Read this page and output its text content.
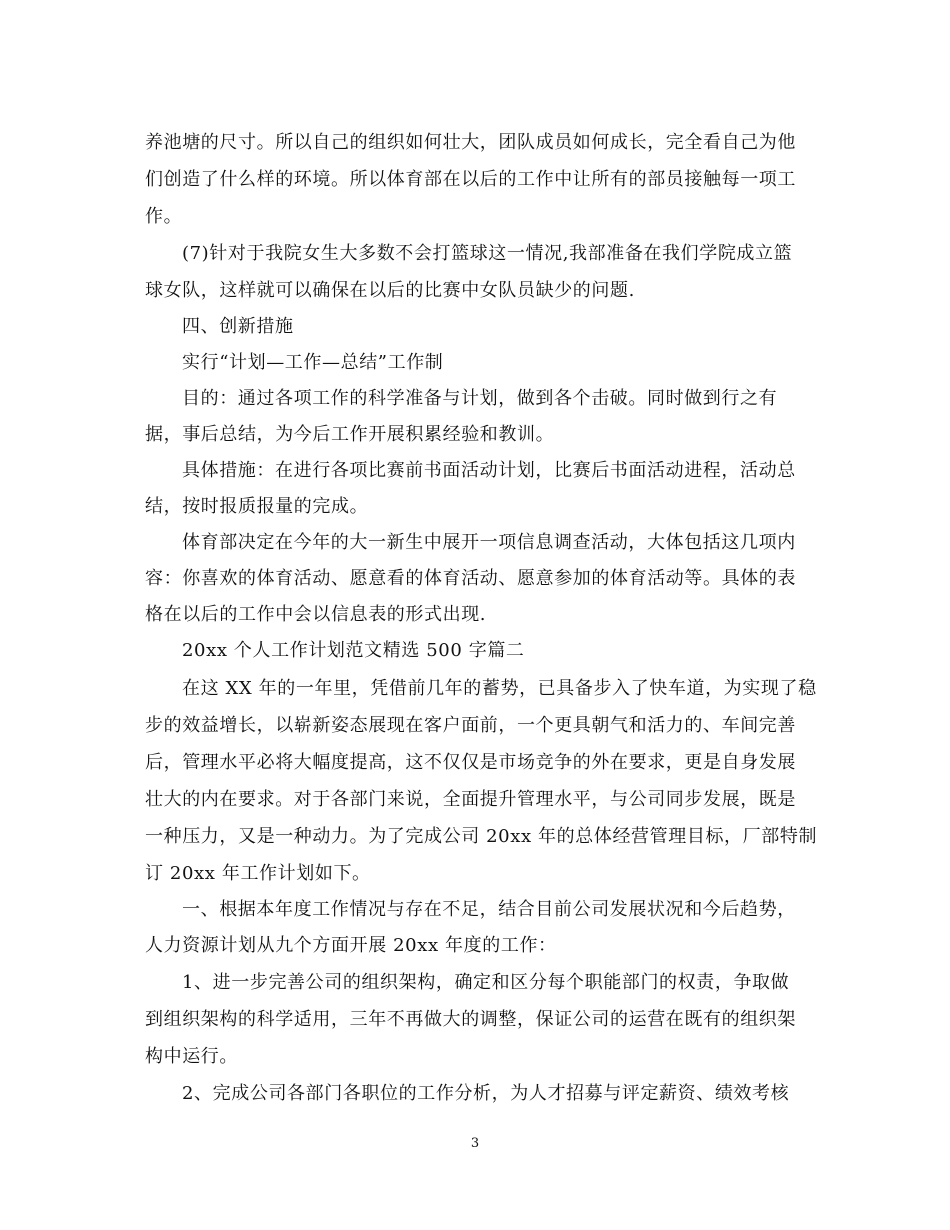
养池塘的尺寸。所以自己的组织如何壮大，团队成员如何成长，完全看自己为他
们创造了什么样的环境。所以体育部在以后的工作中让所有的部员接触每一项工
作。
(7)针对于我院女生大多数不会打篮球这一情况,我部准备在我们学院成立篮
球女队，这样就可以确保在以后的比赛中女队员缺少的问题.
四、创新措施
实行“计划—工作—总结”工作制
目的：通过各项工作的科学准备与计划，做到各个击破。同时做到行之有
据，事后总结，为今后工作开展积累经验和教训。
具体措施：在进行各项比赛前书面活动计划，比赛后书面活动进程，活动总
结，按时报质报量的完成。
体育部决定在今年的大一新生中展开一项信息调查活动，大体包括这几项内
容：你喜欢的体育活动、愿意看的体育活动、愿意参加的体育活动等。具体的表
格在以后的工作中会以信息表的形式出现.
20xx 个人工作计划范文精选 500 字篇二
在这 XX 年的一年里，凭借前几年的蓄势，已具备步入了快车道，为实现了稳
步的效益增长，以崭新姿态展现在客户面前，一个更具朝气和活力的、车间完善
后，管理水平必将大幅度提高，这不仅仅是市场竞争的外在要求，更是自身发展
壮大的内在要求。对于各部门来说，全面提升管理水平，与公司同步发展，既是
一种压力，又是一种动力。为了完成公司 20xx 年的总体经营管理目标，厂部特制
订 20xx 年工作计划如下。
一、根据本年度工作情况与存在不足，结合目前公司发展状况和今后趋势，
人力资源计划从九个方面开展 20xx 年度的工作：
1、进一步完善公司的组织架构，确定和区分每个职能部门的权责，争取做
到组织架构的科学适用，三年不再做大的调整，保证公司的运营在既有的组织架
构中运行。
2、完成公司各部门各职位的工作分析，为人才招募与评定薪资、绩效考核
3
